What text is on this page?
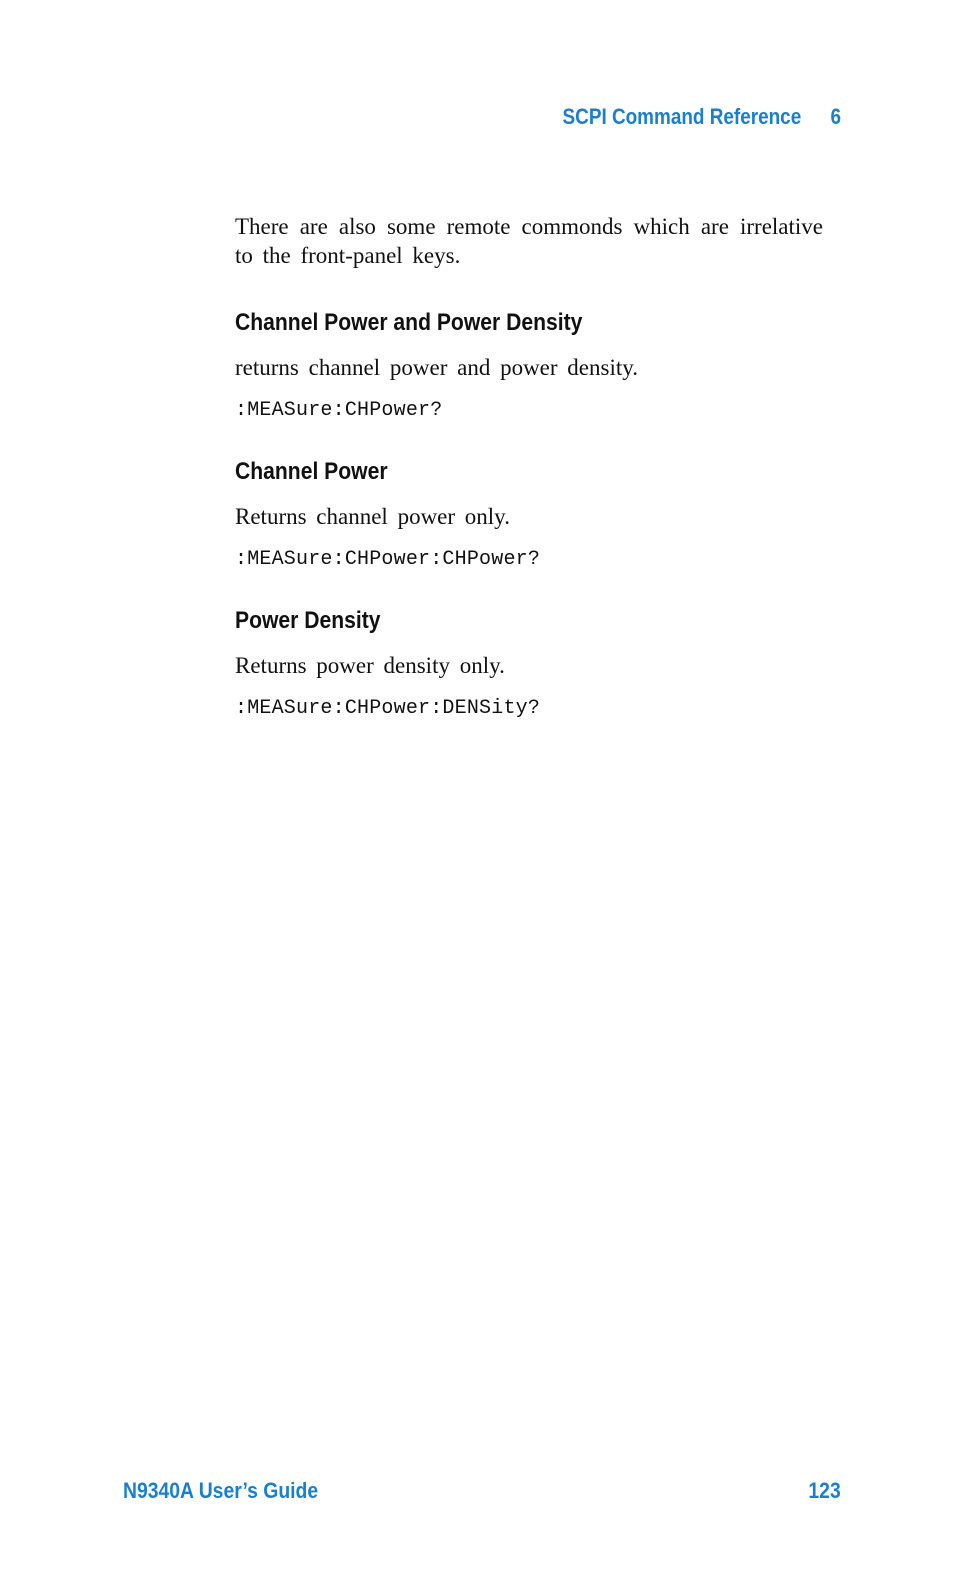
SCPI Command Reference 6

There are also some remote commonds which are irrelative to the front-panel keys.

Channel Power and Power Density

returns channel power and power density.

:MEASure:CHPower?

Channel Power

Returns channel power only.

:MEASure:CHPower:CHPower?

Power Density

Returns power density only.

:MEASure:CHPower:DENSity?

N9340A User’s Guide	123
